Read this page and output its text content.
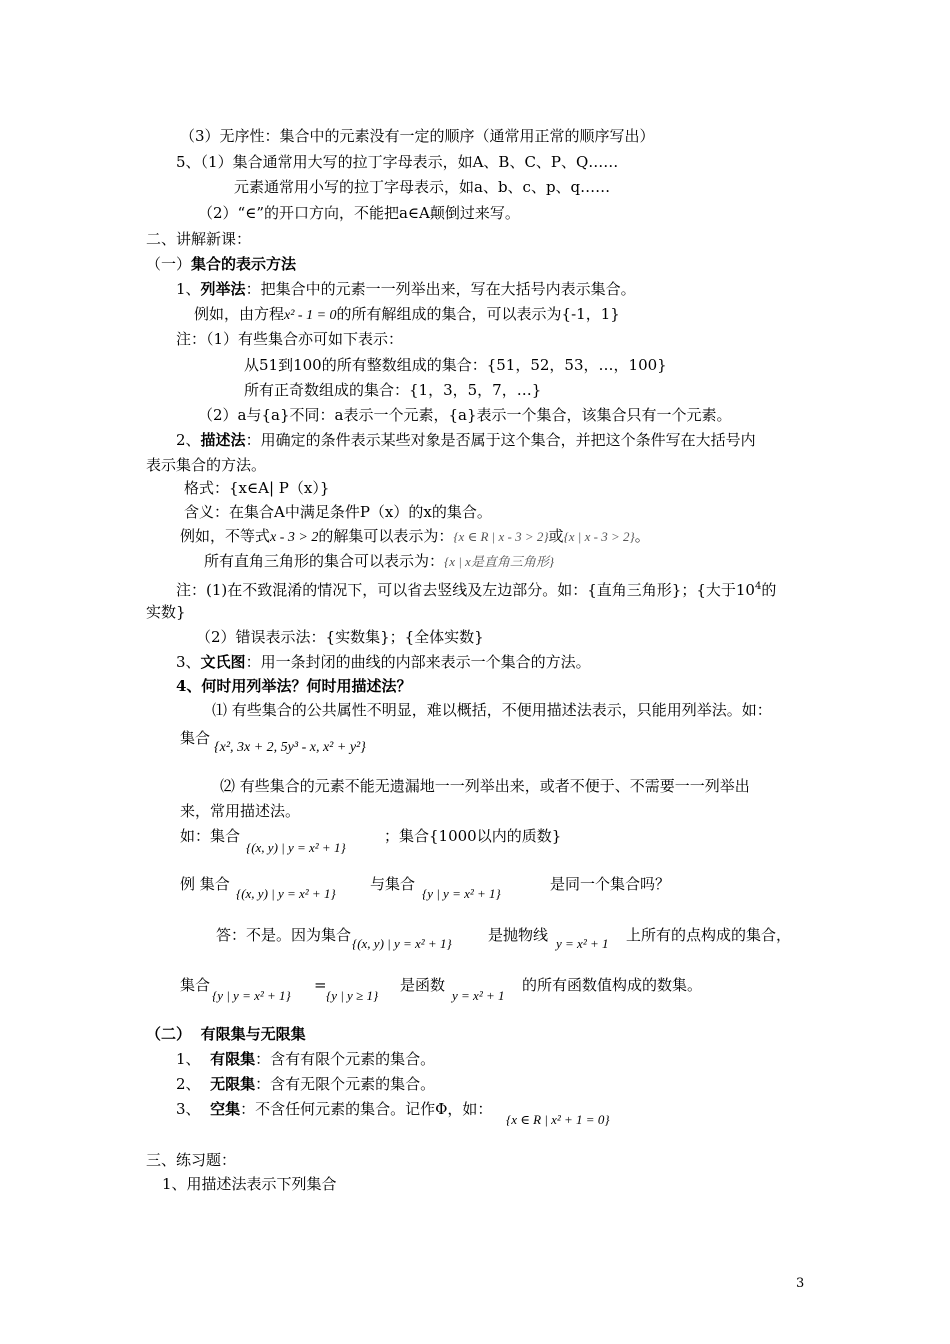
（3）无序性：集合中的元素没有一定的顺序（通常用正常的顺序写出）
5、（1）集合通常用大写的拉丁字母表示，如A、B、C、P、Q……
元素通常用小写的拉丁字母表示，如a、b、c、p、q……
（2）“∈”的开口方向，不能把a∈A颠倒过来写。
二、讲解新课：
（一）集合的表示方法
1、列举法：把集合中的元素一一列举出来，写在大括号内表示集合。
例如，由方程x² - 1 = 0的所有解组成的集合，可以表示为{-1，1}
注：（1）有些集合亦可如下表示：
从51到100的所有整数组成的集合：{51，52，53，…，100}
所有正奇数组成的集合：{1，3，5，7，…}
（2）a与{a}不同：a表示一个元素，{a}表示一个集合，该集合只有一个元素。
2、描述法：用确定的条件表示某些对象是否属于这个集合，并把这个条件写在大括号内
表示集合的方法。
格式：{x∈A| P（x）}
含义：在集合A中满足条件P（x）的x的集合。
例如，不等式x - 3 > 2的解集可以表示为：{x ∈ R | x - 3 > 2}或{x | x - 3 > 2}。
所有直角三角形的集合可以表示为：{x | x是直角三角形}
注：(1)在不致混淆的情况下，可以省去竖线及左边部分。如：{直角三角形}；{大于$10^4$的
实数}
（2）错误表示法：{实数集}；{全体实数}
3、文氏图：用一条封闭的曲线的内部来表示一个集合的方法。
4、何时用列举法？何时用描述法？
⑴ 有些集合的公共属性不明显，难以概括，不便用描述法表示，只能用列举法。如：
集合
{x², 3x + 2, 5y³ - x, x² + y²}
⑵ 有些集合的元素不能无遗漏地一一列举出来，或者不便于、不需要一一列举出
来，常用描述法。
如：集合
{(x, y) | y = x² + 1}
；集合{1000以内的质数}
例 集合
{(x, y) | y = x² + 1}
与集合
{y | y = x² + 1}
是同一个集合吗？
答：不是。因为集合 {(x, y) | y = x² + 1} 是抛物线 y = x² + 1 上所有的点构成的集合，
集合
{y | y = x² + 1}
=
{y | y ≥ 1}
是函数
y = x² + 1
的所有函数值构成的数集。
（二） 有限集与无限集
1、 有限集：含有有限个元素的集合。
2、 无限集：含有无限个元素的集合。
3、 空集：不含任何元素的集合。记作Φ，如：
{x ∈ R | x² + 1 = 0}
三、练习题：
1、用描述法表示下列集合
3
